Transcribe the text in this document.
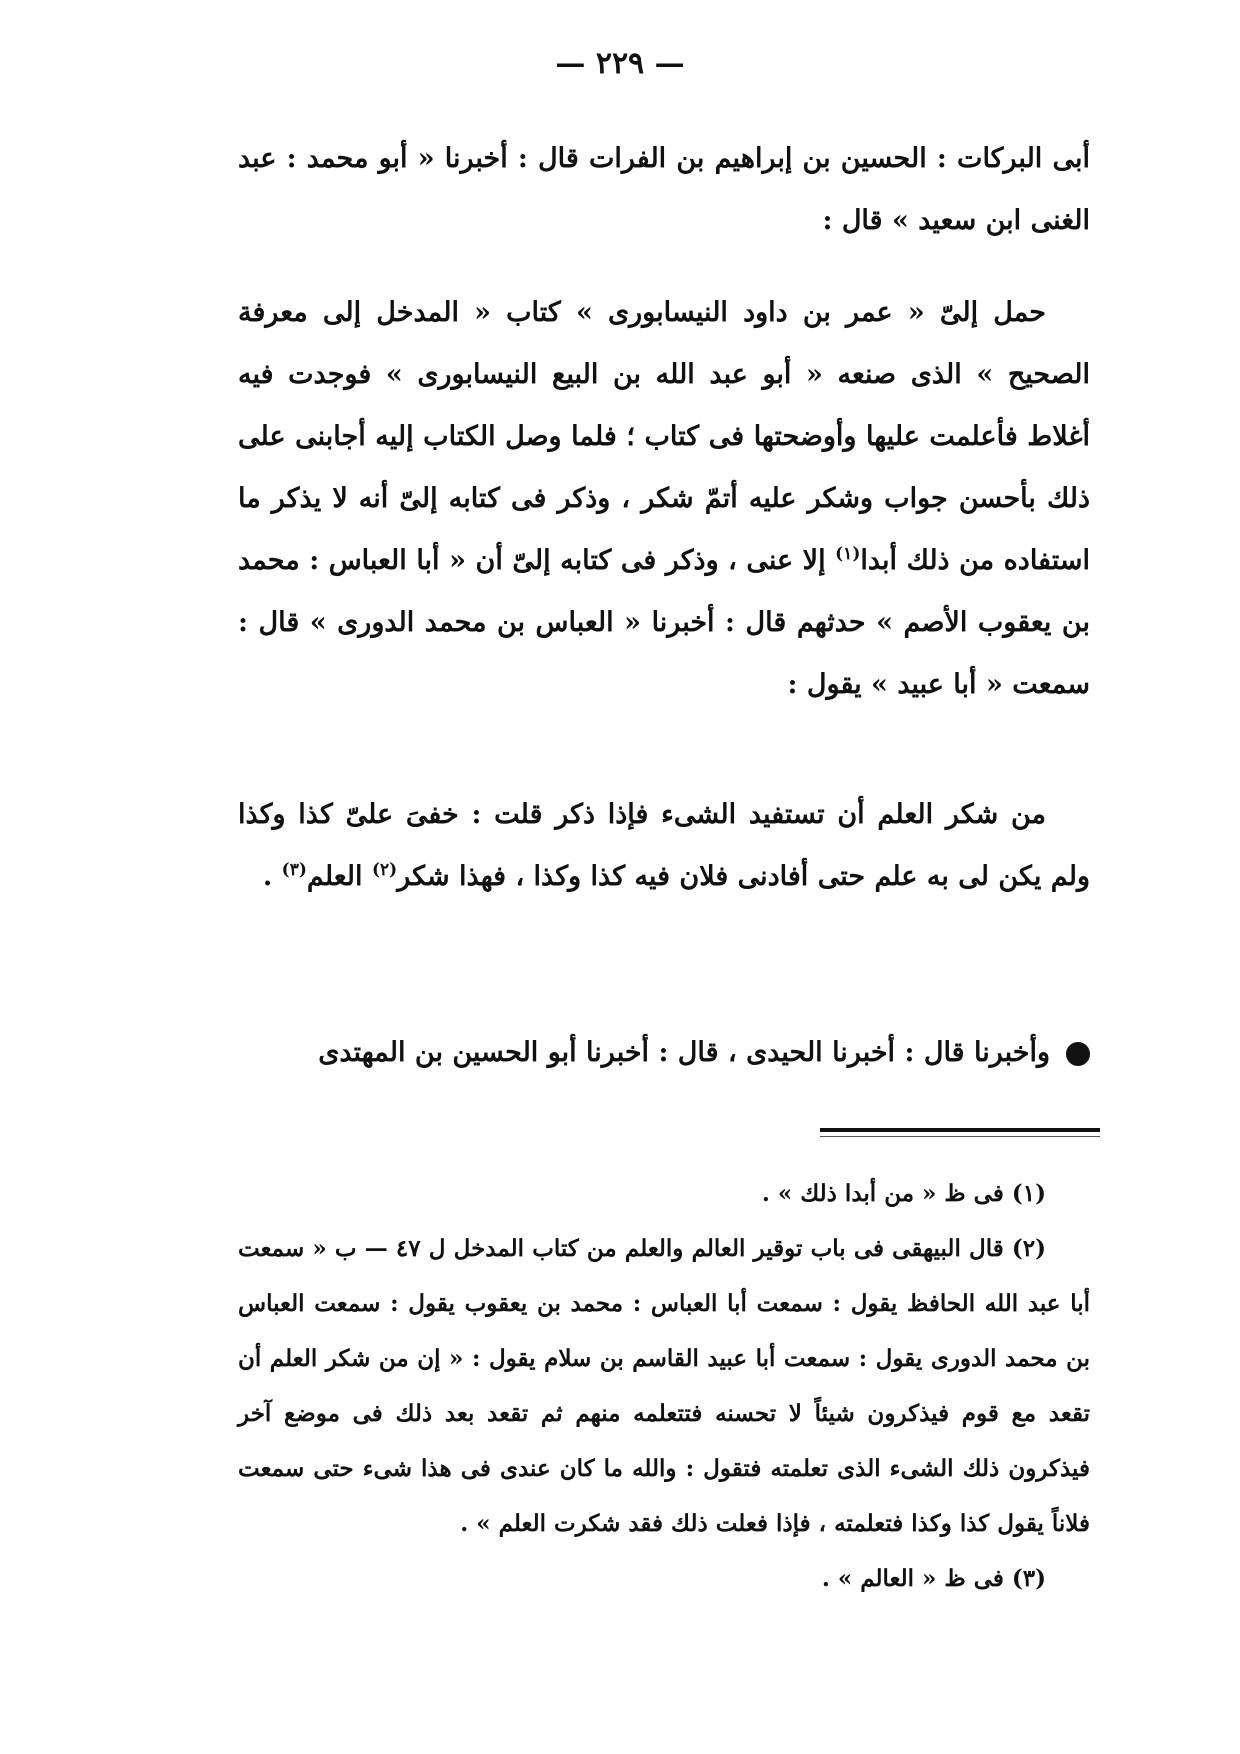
— ٢٢٩ —

أبى البركات : الحسين بن إبراهيم بن الفرات قال : أخبرنا « أبو محمد : عبد الغنى ابن سعيد » قال :

حمل إلىّ « عمر بن داود النيسابورى » كتاب « المدخل إلى معرفة الصحيح » الذى صنعه « أبو عبد الله بن البيع النيسابورى » فوجدت فيه أغلاط فأعلمت عليها وأوضحتها فى كتاب ؛ فلما وصل الكتاب إليه أجابنى على ذلك بأحسن جواب وشكر عليه أتمّ شكر ، وذكر فى كتابه إلىّ أنه لا يذكر ما استفاده من ذلك أبدا$^{(١)}$ إلا عنى ، وذكر فى كتابه إلىّ أن « أبا العباس : محمد بن يعقوب الأصم » حدثهم قال : أخبرنا « العباس بن محمد الدورى » قال : سمعت « أبا عبيد » يقول :

من شكر العلم أن تستفيد الشىء فإذا ذكر قلت : خفىَ علىّ كذا وكذا ولم يكن لى به علم حتى أفادنى فلان فيه كذا وكذا ، فهذا شكر$^{(٢)}$ العلم$^{(٣)}$ .

وأخبرنا قال : أخبرنا الحيدى ، قال : أخبرنا أبو الحسين بن المهتدى

(١) فى ظ « من أبدا ذلك » .

(٢) قال البيهقى فى باب توقير العالم والعلم من كتاب المدخل ل ٤٧ — ب « سمعت أبا عبد الله الحافظ يقول : سمعت أبا العباس : محمد بن يعقوب يقول : سمعت العباس بن محمد الدورى يقول : سمعت أبا عبيد القاسم بن سلام يقول : « إن من شكر العلم أن تقعد مع قوم فيذكرون شيئاً لا تحسنه فتتعلمه منهم ثم تقعد بعد ذلك فى موضع آخر فيذكرون ذلك الشىء الذى تعلمته فتقول : والله ما كان عندى فى هذا شىء حتى سمعت فلاناً يقول كذا وكذا فتعلمته ، فإذا فعلت ذلك فقد شكرت العلم » .

(٣) فى ظ « العالم » .
